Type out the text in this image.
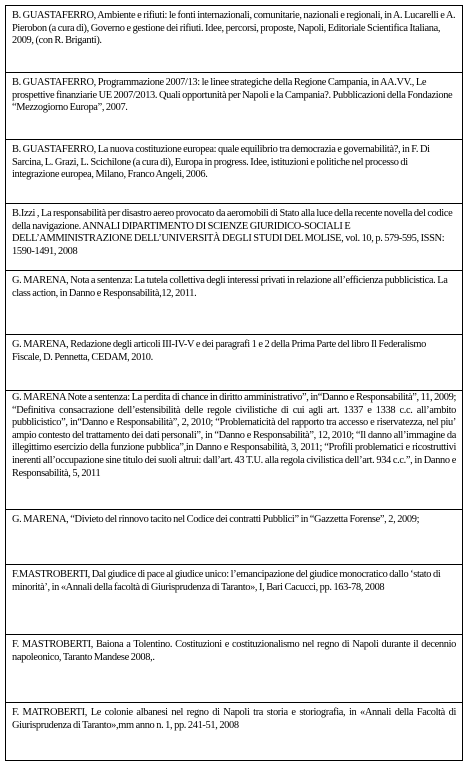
B. GUASTAFERRO, Ambiente e rifiuti: le fonti internazionali, comunitarie, nazionali e regionali, in A. Lucarelli e A. Pierobon (a cura di), Governo e gestione dei rifiuti. Idee, percorsi, proposte, Napoli, Editoriale Scientifica Italiana, 2009, (con R. Briganti).

B. GUASTAFERRO, Programmazione 2007/13: le linee strategiche della Regione Campania, in AA.VV., Le prospettive finanziarie UE 2007/2013. Quali opportunità per Napoli e la Campania?. Pubblicazioni della Fondazione “Mezzogiorno Europa”, 2007.

B. GUASTAFERRO, La nuova costituzione europea: quale equilibrio tra democrazia e governabilità?, in F. Di Sarcina, L. Grazi, L. Scichilone (a cura di), Europa in progress. Idee, istituzioni e politiche nel processo di integrazione europea, Milano, Franco Angeli, 2006.

B.Izzi , La responsabilità per disastro aereo provocato da aeromobili di Stato alla luce della recente novella del codice della navigazione. ANNALI DIPARTIMENTO DI SCIENZE GIURIDICO-SOCIALI E DELL’AMMINISTRAZIONE DELL’UNIVERSITÀ DEGLI STUDI DEL MOLISE, vol. 10, p. 579-595, ISSN: 1590-1491, 2008

G. MARENA, Nota a sentenza: La tutela collettiva degli interessi privati in relazione all’efficienza pubblicistica. La class action, in Danno e Responsabilità,12, 2011.

G. MARENA, Redazione degli articoli III-IV-V e dei paragrafi 1 e 2 della Prima Parte del libro Il Federalismo Fiscale, D. Pennetta, CEDAM, 2010.

G. MARENA Note a sentenza: La perdita di chance in diritto amministrativo”, in“Danno e Responsabilità”, 11, 2009; “Definitiva consacrazione dell’estensibilità delle regole civilistiche di cui agli art. 1337 e 1338 c.c. all’ambito pubblicistico”, in“Danno e Responsabilità”, 2, 2010; “Problematicità del rapporto tra accesso e riservatezza, nel piu’ ampio contesto del trattamento dei dati personali”, in “Danno e Responsabilità”, 12, 2010; “Il danno all’immagine da illegittimo esercizio della funzione pubblica”,in Danno e Responsabilità, 3, 2011; “Profili problematici e ricostruttivi inerenti all’occupazione sine titulo dei suoli altrui: dall’art. 43 T.U. alla regola civilistica dell’art. 934 c.c.”, in Danno e Responsabilità, 5, 2011

G. MARENA, “Divieto del rinnovo tacito nel Codice dei contratti Pubblici” in “Gazzetta Forense”, 2, 2009;

F.MASTROBERTI, Dal giudice di pace al giudice unico: l’emancipazione del giudice monocratico dallo ‘stato di minorità’, in «Annali della facoltà di Giurisprudenza di Taranto», I, Bari Cacucci, pp. 163-78, 2008

F. MASTROBERTI, Baiona a Tolentino. Costituzioni e costituzionalismo nel regno di Napoli durante il decennio napoleonico, Taranto Mandese 2008,.

F. MATROBERTI, Le colonie albanesi nel regno di Napoli tra storia e storiografia, in «Annali della Facoltà di Giurisprudenza di Taranto»,mm anno n. 1, pp. 241-51, 2008
